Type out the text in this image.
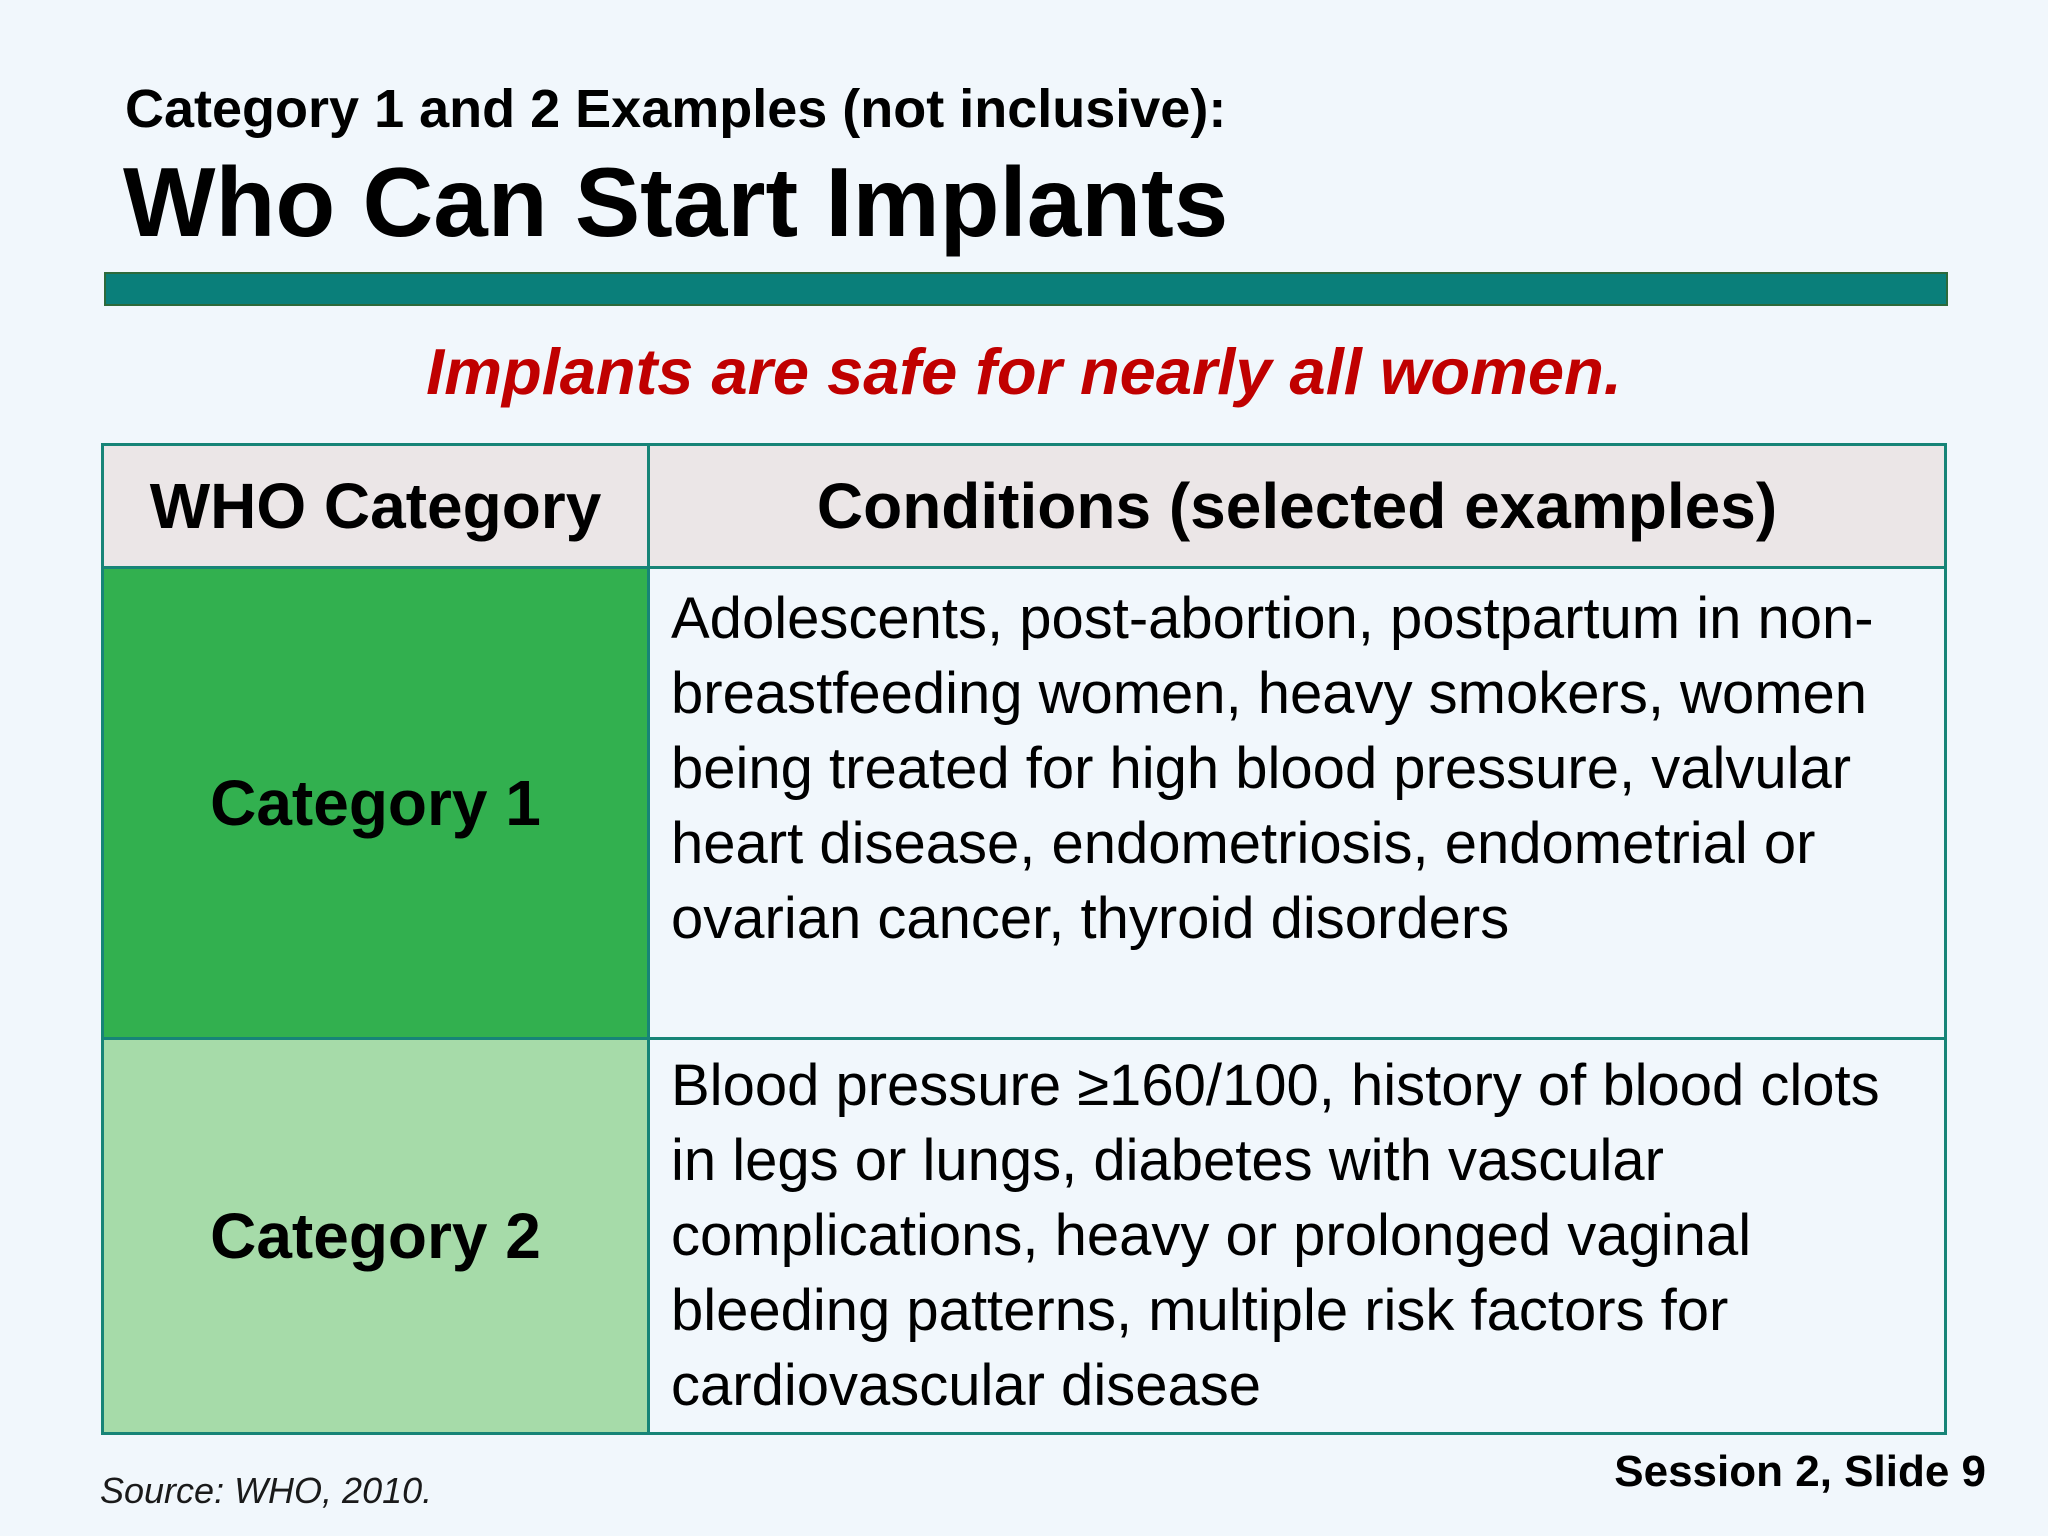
Category 1 and 2 Examples (not inclusive):
Who Can Start Implants
Implants are safe for nearly all women.
WHO Category	Conditions (selected examples)
Category 1	Adolescents, post-abortion, postpartum in non-breastfeeding women, heavy smokers, women being treated for high blood pressure, valvular heart disease, endometriosis, endometrial or ovarian cancer, thyroid disorders
Category 2	Blood pressure ≥160/100, history of blood clots in legs or lungs, diabetes with vascular complications, heavy or prolonged vaginal bleeding patterns, multiple risk factors for cardiovascular disease
Source: WHO, 2010.	Session 2, Slide 9
